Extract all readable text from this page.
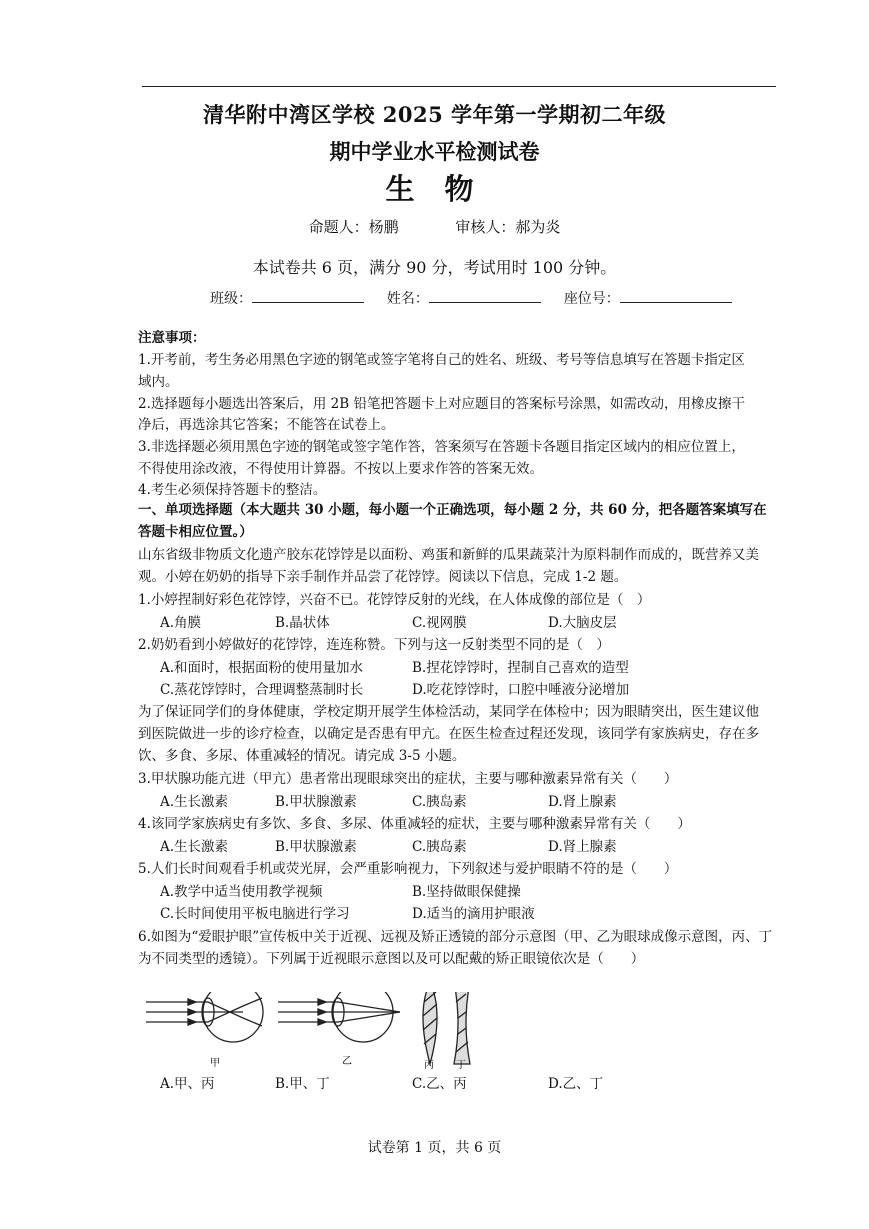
清华附中湾区学校 2025 学年第一学期初二年级
期中学业水平检测试卷
生 物
命题人：杨鹏	审核人：郝为炎
本试卷共 6 页，满分 90 分，考试用时 100 分钟。
班级：	姓名：	座位号：
注意事项：
1.开考前，考生务必用黑色字迹的钢笔或签字笔将自己的姓名、班级、考号等信息填写在答题卡指定区
域内。
2.选择题每小题选出答案后，用 2B 铅笔把答题卡上对应题目的答案标号涂黑，如需改动，用橡皮擦干
净后，再选涂其它答案；不能答在试卷上。
3.非选择题必须用黑色字迹的钢笔或签字笔作答，答案须写在答题卡各题目指定区域内的相应位置上，
不得使用涂改液，不得使用计算器。不按以上要求作答的答案无效。
4.考生必须保持答题卡的整洁。
一、单项选择题（本大题共 30 小题，每小题一个正确选项，每小题 2 分，共 60 分，把各题答案填写在
答题卡相应位置。）
山东省级非物质文化遗产胶东花饽饽是以面粉、鸡蛋和新鲜的瓜果蔬菜汁为原料制作而成的，既营养又美
观。小婷在奶奶的指导下亲手制作并品尝了花饽饽。阅读以下信息，完成 1-2 题。
1.小婷捏制好彩色花饽饽，兴奋不已。花饽饽反射的光线，在人体成像的部位是（　）
A.角膜	B.晶状体	C.视网膜	D.大脑皮层
2.奶奶看到小婷做好的花饽饽，连连称赞。下列与这一反射类型不同的是（　）
A.和面时，根据面粉的使用量加水	B.捏花饽饽时，捏制自己喜欢的造型
C.蒸花饽饽时，合理调整蒸制时长	D.吃花饽饽时，口腔中唾液分泌增加
为了保证同学们的身体健康，学校定期开展学生体检活动，某同学在体检中；因为眼睛突出，医生建议他
到医院做进一步的诊疗检查，以确定是否患有甲亢。在医生检查过程还发现，该同学有家族病史，存在多
饮、多食、多尿、体重减轻的情况。请完成 3-5 小题。
3.甲状腺功能亢进（甲亢）患者常出现眼球突出的症状，主要与哪种激素异常有关（　　）
A.生长激素	B.甲状腺激素	C.胰岛素	D.肾上腺素
4.该同学家族病史有多饮、多食、多尿、体重减轻的症状，主要与哪种激素异常有关（　　）
A.生长激素	B.甲状腺激素	C.胰岛素	D.肾上腺素
5.人们长时间观看手机或荧光屏，会严重影响视力，下列叙述与爱护眼睛不符的是（　　）
A.教学中适当使用教学视频	B.坚持做眼保健操
C.长时间使用平板电脑进行学习	D.适当的滴用护眼液
6.如图为“爱眼护眼”宣传板中关于近视、远视及矫正透镜的部分示意图（甲、乙为眼球成像示意图，丙、丁
为不同类型的透镜）。下列属于近视眼示意图以及可以配戴的矫正眼镜依次是（　　）
甲	乙	丙 丁
A.甲、丙	B.甲、丁	C.乙、丙	D.乙、丁
试卷第 1 页，共 6 页
